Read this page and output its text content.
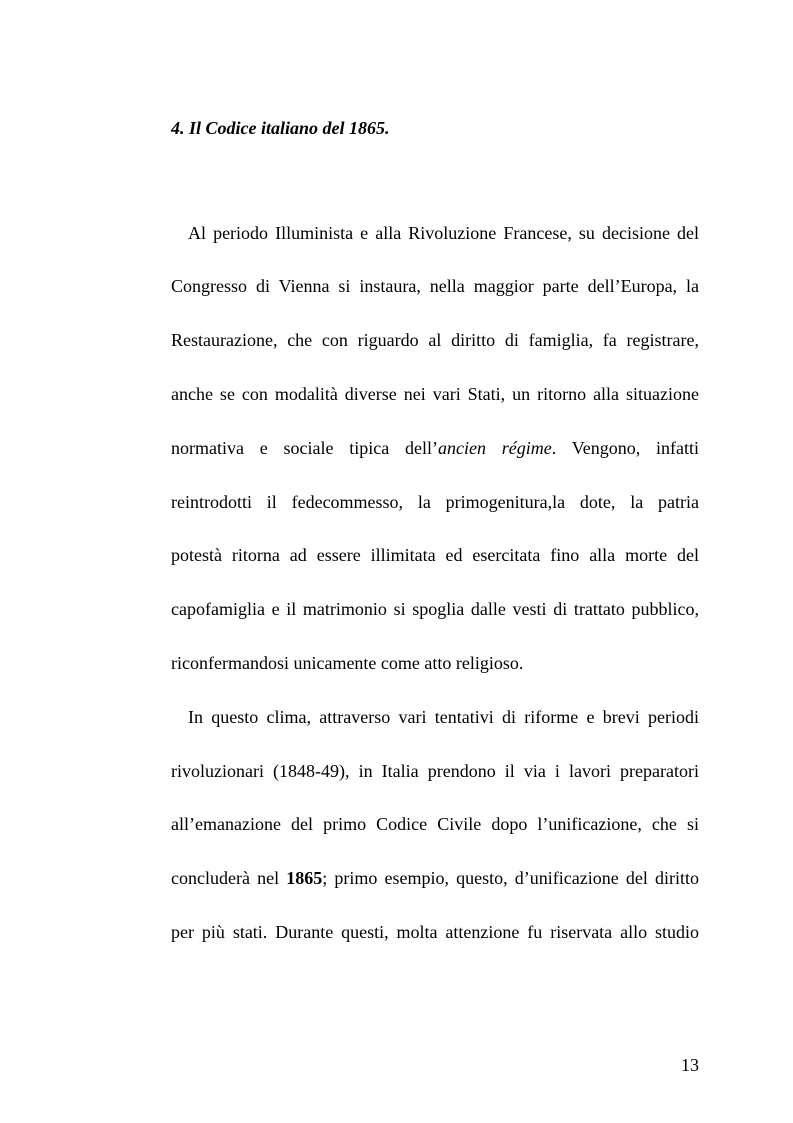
4. Il Codice italiano del 1865.
Al periodo Illuminista e alla Rivoluzione Francese, su decisione del
Congresso di Vienna si instaura, nella maggior parte dell’Europa, la
Restaurazione, che con riguardo al diritto di famiglia, fa registrare,
anche se con modalità diverse nei vari Stati, un ritorno alla situazione
normativa e sociale tipica dell’ancien régime. Vengono, infatti
reintrodotti il fedecommesso, la primogenitura,la dote, la patria
potestà ritorna ad essere illimitata ed esercitata fino alla morte del
capofamiglia e il matrimonio si spoglia dalle vesti di trattato pubblico,
riconfermandosi unicamente come atto religioso.
In questo clima, attraverso vari tentativi di riforme e brevi periodi
rivoluzionari (1848-49), in Italia prendono il via i lavori preparatori
all’emanazione del primo Codice Civile dopo l’unificazione, che si
concluderà nel 1865; primo esempio, questo, d’unificazione del diritto
per più stati. Durante questi, molta attenzione fu riservata allo studio
13
